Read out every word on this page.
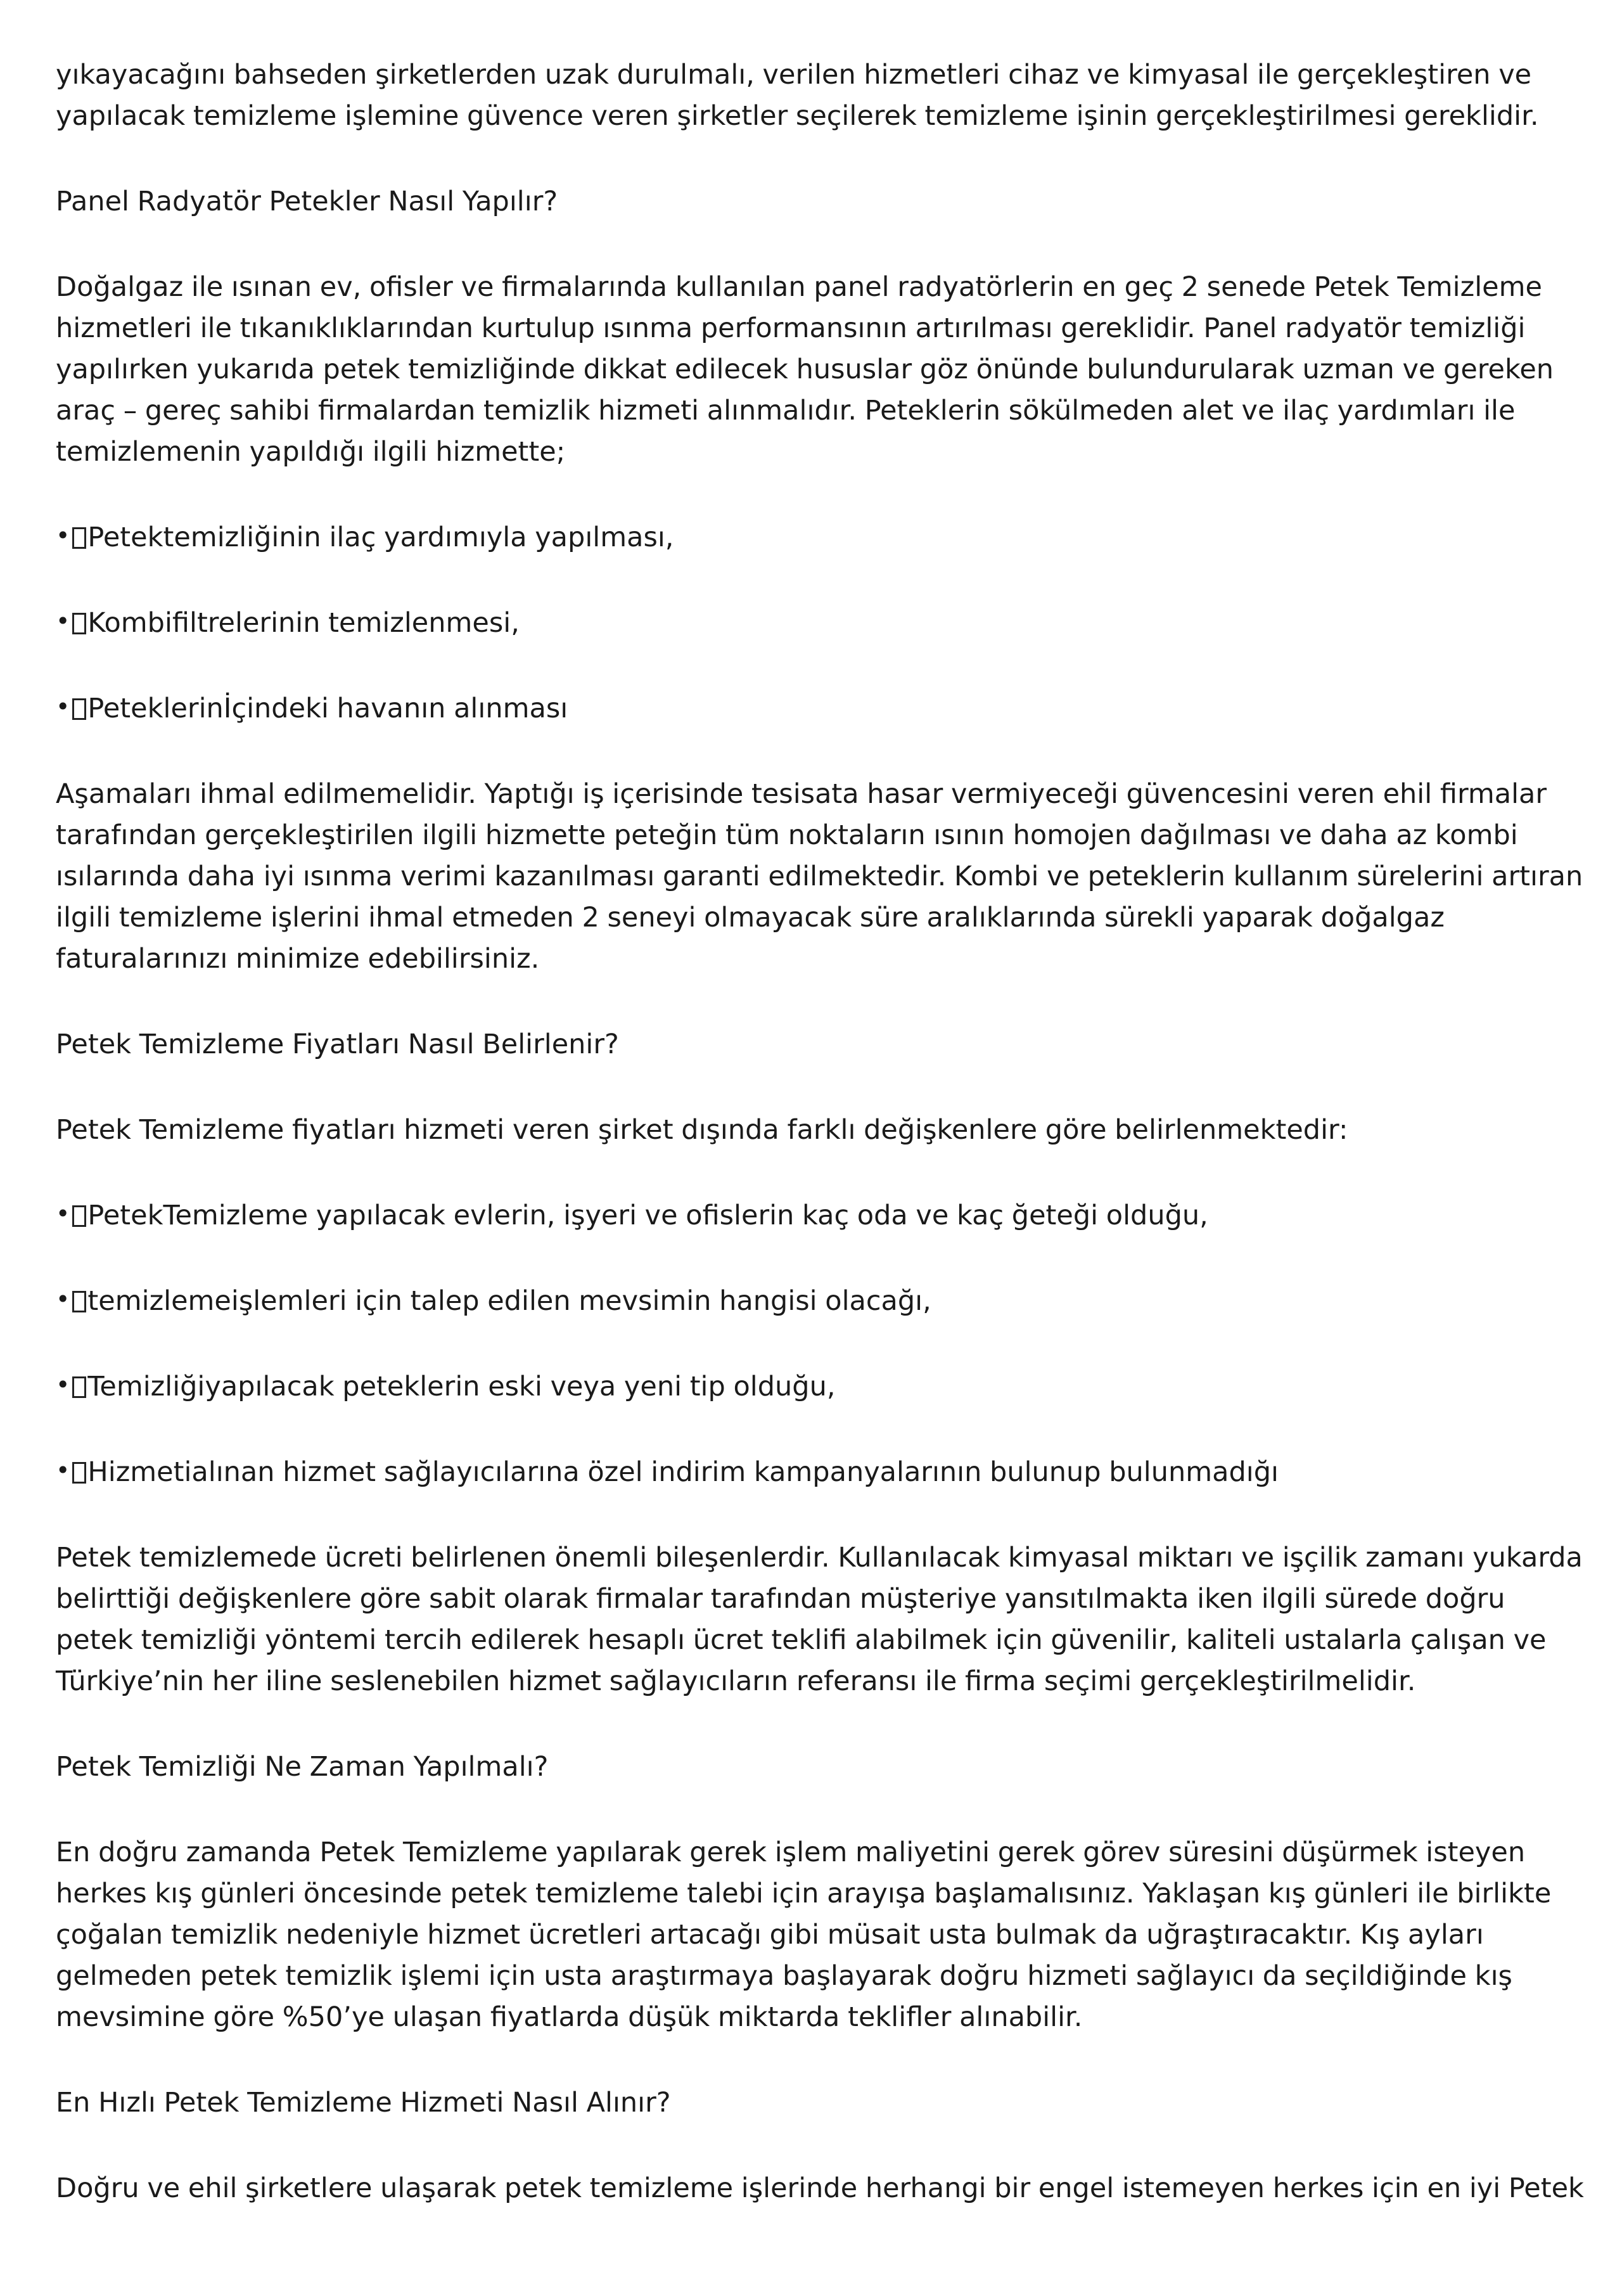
yıkayacağını bahseden şirketlerden uzak durulmalı, verilen hizmetleri cihaz ve kimyasal ile gerçekleştiren ve yapılacak temizleme işlemine güvence veren şirketler seçilerek temizleme işinin gerçekleştirilmesi gereklidir.

Panel Radyatör Petekler Nasıl Yapılır?

Doğalgaz ile ısınan ev, ofisler ve firmalarında kullanılan panel radyatörlerin en geç 2 senede Petek Temizleme hizmetleri ile tıkanıklıklarından kurtulup ısınma performansının artırılması gereklidir. Panel radyatör temizliği yapılırken yukarıda petek temizliğinde dikkat edilecek hususlar göz önünde bulundurularak uzman ve gereken araç – gereç sahibi firmalardan temizlik hizmeti alınmalıdır. Peteklerin sökülmeden alet ve ilaç yardımları ile temizlemenin yapıldığı ilgili hizmette;

• Petektemizliğinin ilaç yardımıyla yapılması,

• Kombifiltrelerinin temizlenmesi,

• Peteklerinİçindeki havanın alınması

Aşamaları ihmal edilmemelidir. Yaptığı iş içerisinde tesisata hasar vermiyeceği güvencesini veren ehil firmalar tarafından gerçekleştirilen ilgili hizmette peteğin tüm noktaların ısının homojen dağılması ve daha az kombi ısılarında daha iyi ısınma verimi kazanılması garanti edilmektedir. Kombi ve peteklerin kullanım sürelerini artıran ilgili temizleme işlerini ihmal etmeden 2 seneyi olmayacak süre aralıklarında sürekli yaparak doğalgaz faturalarınızı minimize edebilirsiniz.

Petek Temizleme Fiyatları Nasıl Belirlenir?

Petek Temizleme fiyatları hizmeti veren şirket dışında farklı değişkenlere göre belirlenmektedir:

• PetekTemizleme yapılacak evlerin, işyeri ve ofislerin kaç oda ve kaç ğeteği olduğu,

• temizlemeişlemleri için talep edilen mevsimin hangisi olacağı,

• Temizliğiyapılacak peteklerin eski veya yeni tip olduğu,

• Hizmetialınan hizmet sağlayıcılarına özel indirim kampanyalarının bulunup bulunmadığı

Petek temizlemede ücreti belirlenen önemli bileşenlerdir. Kullanılacak kimyasal miktarı ve işçilik zamanı yukarda belirttiği değişkenlere göre sabit olarak firmalar tarafından müşteriye yansıtılmakta iken ilgili sürede doğru petek temizliği yöntemi tercih edilerek hesaplı ücret teklifi alabilmek için güvenilir, kaliteli ustalarla çalışan ve Türkiye’nin her iline seslenebilen hizmet sağlayıcıların referansı ile firma seçimi gerçekleştirilmelidir.

Petek Temizliği Ne Zaman Yapılmalı?

En doğru zamanda Petek Temizleme yapılarak gerek işlem maliyetini gerek görev süresini düşürmek isteyen herkes kış günleri öncesinde petek temizleme talebi için arayışa başlamalısınız. Yaklaşan kış günleri ile birlikte çoğalan temizlik nedeniyle hizmet ücretleri artacağı gibi müsait usta bulmak da uğraştıracaktır. Kış ayları gelmeden petek temizlik işlemi için usta araştırmaya başlayarak doğru hizmeti sağlayıcı da seçildiğinde kış mevsimine göre %50’ye ulaşan fiyatlarda düşük miktarda teklifler alınabilir.

En Hızlı Petek Temizleme Hizmeti Nasıl Alınır?

Doğru ve ehil şirketlere ulaşarak petek temizleme işlerinde herhangi bir engel istemeyen herkes için en iyi Petek
